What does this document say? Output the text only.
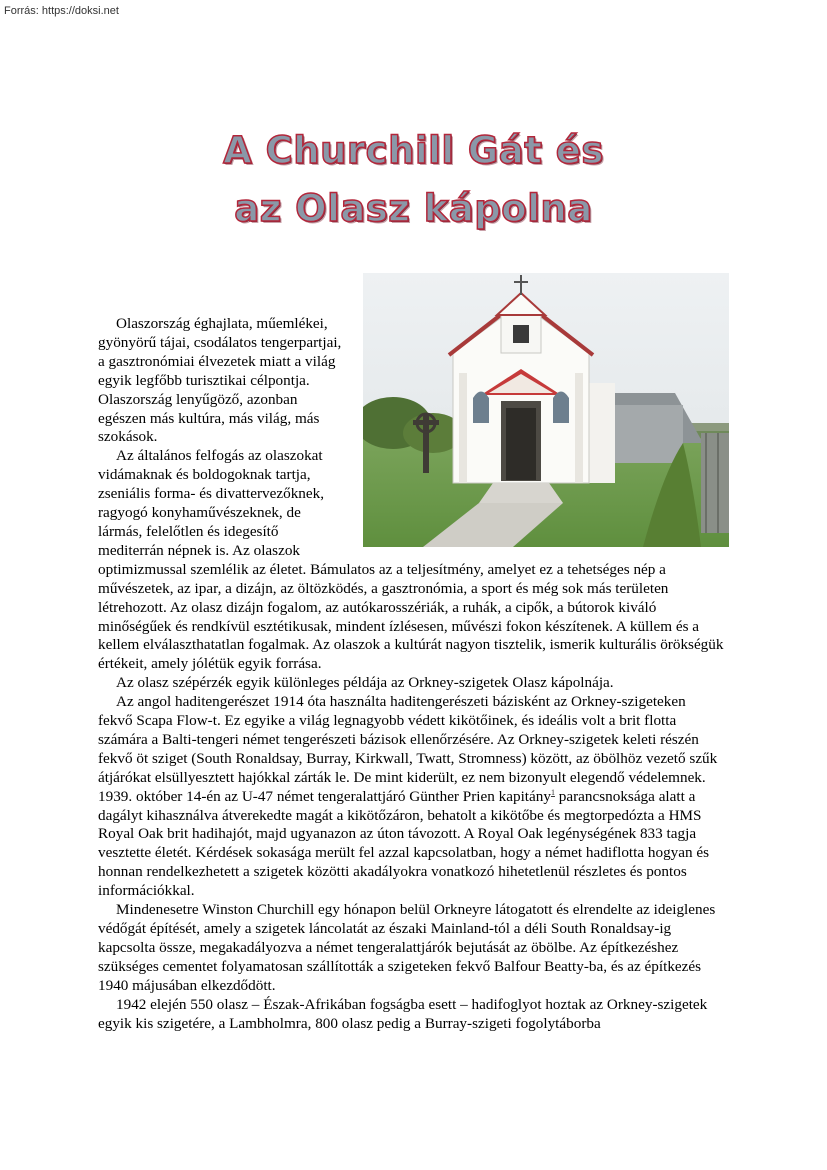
Forrás: https://doksi.net
A Churchill Gát és
az Olasz kápolna

Olaszország éghajlata, műemlékei, gyönyörű tájai, csodálatos tengerpartjai, a gasztronómiai élvezetek miatt a világ egyik legfőbb turisztikai célpontja. Olaszország lenyűgöző, azonban egészen más kultúra, más világ, más szokások.

Az általános felfogás az olaszokat vidámaknak és boldogoknak tartja, zseniális forma- és divattervezőknek, ragyogó konyhaművészeknek, de lármás, felelőtlen és idegesítő mediterrán népnek is. Az olaszok optimizmussal szemlélik az életet. Bámulatos az a teljesítmény, amelyet ez a tehetséges nép a művészetek, az ipar, a dizájn, az öltözködés, a gasztronómia, a sport és még sok más területen létrehozott. Az olasz dizájn fogalom, az autókarosszériák, a ruhák, a cipők, a bútorok kiváló minőségűek és rendkívül esztétikusak, mindent ízlésesen, művészi fokon készítenek. A küllem és a kellem elválaszthatatlan fogalmak. Az olaszok a kultúrát nagyon tisztelik, ismerik kulturális örökségük értékeit, amely jólétük egyik forrása.

Az olasz szépérzék egyik különleges példája az Orkney-szigetek Olasz kápolnája.

Az angol haditengerészet 1914 óta használta haditengerészeti bázisként az Orkney-szigeteken fekvő Scapa Flow-t. Ez egyike a világ legnagyobb védett kikötőinek, és ideális volt a brit flotta számára a Balti-tengeri német tengerészeti bázisok ellenőrzésére. Az Orkney-szigetek keleti részén fekvő öt sziget (South Ronaldsay, Burray, Kirkwall, Twatt, Stromness) között, az öbölhöz vezető szűk átjárókat elsüllyesztett hajókkal zárták le. De mint kiderült, ez nem bizonyult elegendő védelemnek. 1939. október 14-én az U-47 német tengeralattjáró Günther Prien kapitány$^1$ parancsnoksága alatt a dagályt kihasználva átverekedte magát a kikötőzáron, behatolt a kikötőbe és megtorpedózta a HMS Royal Oak brit hadihajót, majd ugyanazon az úton távozott. A Royal Oak legénységének 833 tagja vesztette életét. Kérdések sokasága merült fel azzal kapcsolatban, hogy a német hadiflotta hogyan és honnan rendelkezhetett a szigetek közötti akadályokra vonatkozó hihetetlenül részletes és pontos információkkal.

Mindenesetre Winston Churchill egy hónapon belül Orkneyre látogatott és elrendelte az ideiglenes védőgát építését, amely a szigetek láncolatát az északi Mainland-tól a déli South Ronaldsay-ig kapcsolta össze, megakadályozva a német tengeralattjárók bejutását az öbölbe. Az építkezéshez szükséges cementet folyamatosan szállították a szigeteken fekvő Balfour Beatty-ba, és az építkezés 1940 májusában elkezdődött.

1942 elején 550 olasz – Észak-Afrikában fogságba esett – hadifoglyot hoztak az Orkney-szigetek egyik kis szigetére, a Lambholmra, 800 olasz pedig a Burray-szigeti fogolytáborba
